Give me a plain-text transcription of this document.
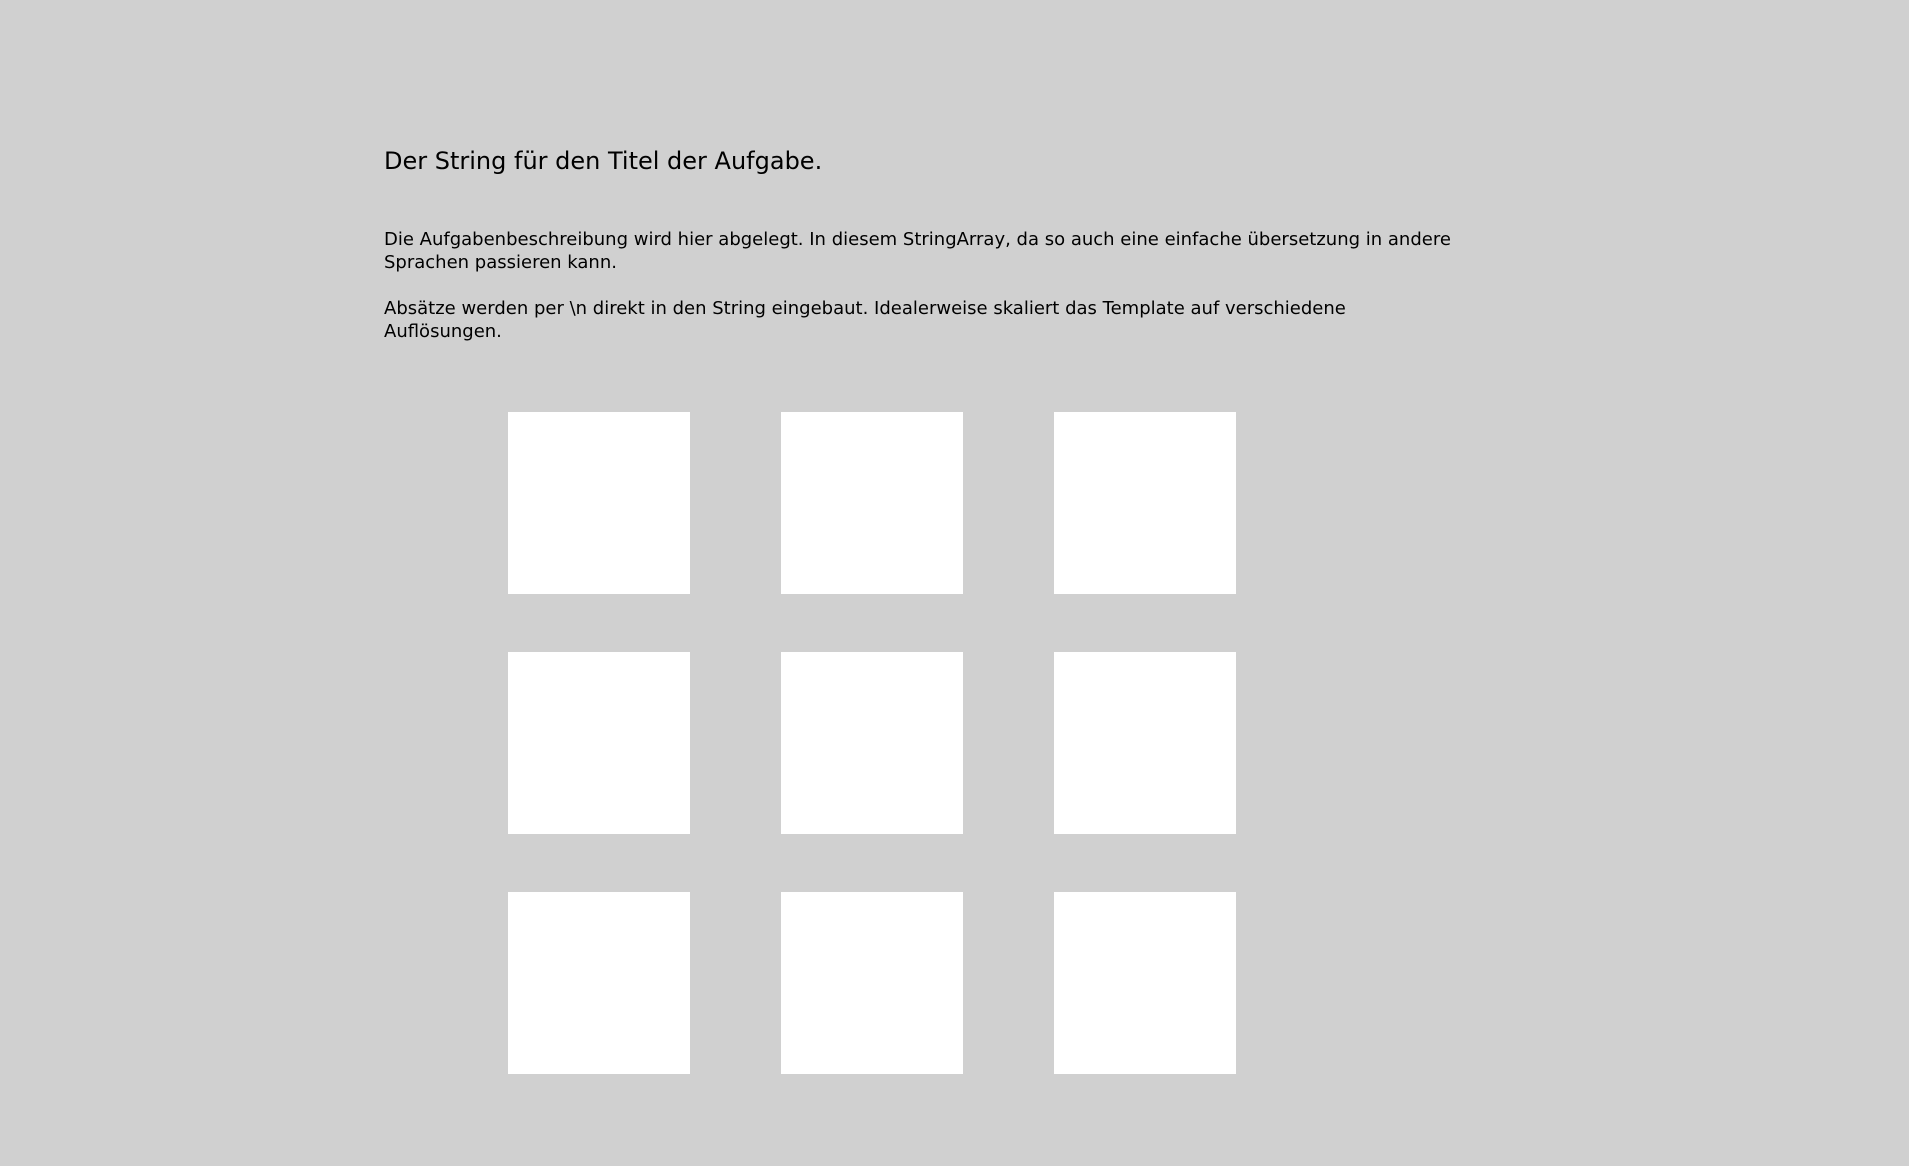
Der String für den Titel der Aufgabe.

Die Aufgabenbeschreibung wird hier abgelegt. In diesem StringArray, da so auch eine einfache übersetzung in andere Sprachen passieren kann.

Absätze werden per \n direkt in den String eingebaut. Idealerweise skaliert das Template auf verschiedene Auflösungen.
